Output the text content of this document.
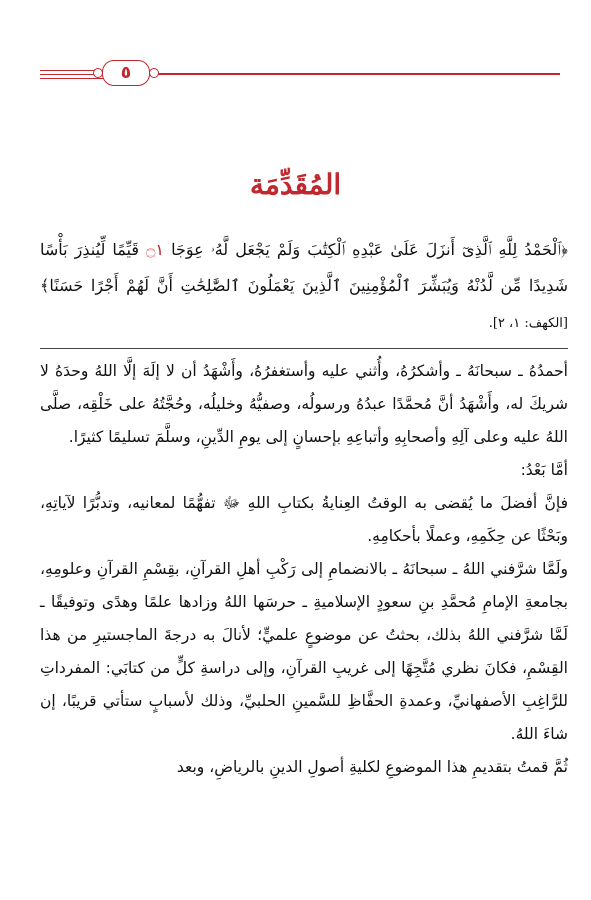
٥
المُقَدِّمَة

﴿ٱلْحَمْدُ لِلَّهِ ٱلَّذِىٓ أَنزَلَ عَلَىٰ عَبْدِهِ ٱلْكِتَٰبَ وَلَمْ يَجْعَل لَّهُۥ عِوَجَا ۝١ قَيِّمًا لِّيُنذِرَ بَأْسًا شَدِيدًا مِّن لَّدُنْهُ وَيُبَشِّرَ ٱلْمُؤْمِنِينَ ٱلَّذِينَ يَعْمَلُونَ ٱلصَّٰلِحَٰتِ أَنَّ لَهُمْ أَجْرًا حَسَنًا﴾ [الكهف: ١، ٢].

أحمدُهُ ـ سبحانَهُ ـ وأشكرُهُ، وأُثني عليه وأستغفرُهُ، وأَشْهَدُ أن لا إلَهَ إلَّا اللهُ وحدَهُ لا شريكَ له، وأَشْهَدُ أنَّ مُحمَّدًا عبدُهُ ورسولُه، وصفيُّهُ وخليلُه، وحُجَّتُهُ على خَلْقِه، صلَّى اللهُ عليه وعلى آلِهِ وأصحابِهِ وأتباعِهِ بإحسانٍ إلى يومِ الدِّينِ، وسلَّمَ تسليمًا كثيرًا.

أمَّا بَعْدُ:

فإنَّ أفضلَ ما يُقضى به الوقتُ العِنايةُ بكتابِ اللهِ ﷻ تفهُّمًا لمعانيه، وتدبُّرًا لآياتِهِ، وبَحْثًا عن حِكَمِهِ، وعملًا بأحكامِهِ.

ولَمَّا شرَّفني اللهُ ـ سبحانَهُ ـ بالانضمامِ إلى رَكْبِ أهلِ القرآنِ، بقِسْمِ القرآنِ وعلومِهِ، بجامعةِ الإمامِ مُحمَّدِ بنِ سعودٍ الإسلاميةِ ـ حرسَها اللهُ وزادها علمًا وهدًى وتوفيقًا ـ لَمَّا شرَّفني اللهُ بذلك، بحثتُ عن موضوعٍ علميٍّ؛ لأنالَ به درجةَ الماجستيرِ من هذا القِسْمِ، فكانَ نظري مُتَّجِهًا إلى غريبِ القرآنِ، وإلى دراسةِ كلٍّ من كتابَي: المفرداتِ للرَّاغِبِ الأصفهانيِّ، وعمدةِ الحفَّاظِ للسَّمينِ الحلبيِّ، وذلك لأسبابٍ ستأتي قريبًا، إن شاءَ اللهُ.

ثُمَّ قمتُ بتقديمِ هذا الموضوعِ لكليةِ أصولِ الدينِ بالرياضِ، وبعد
